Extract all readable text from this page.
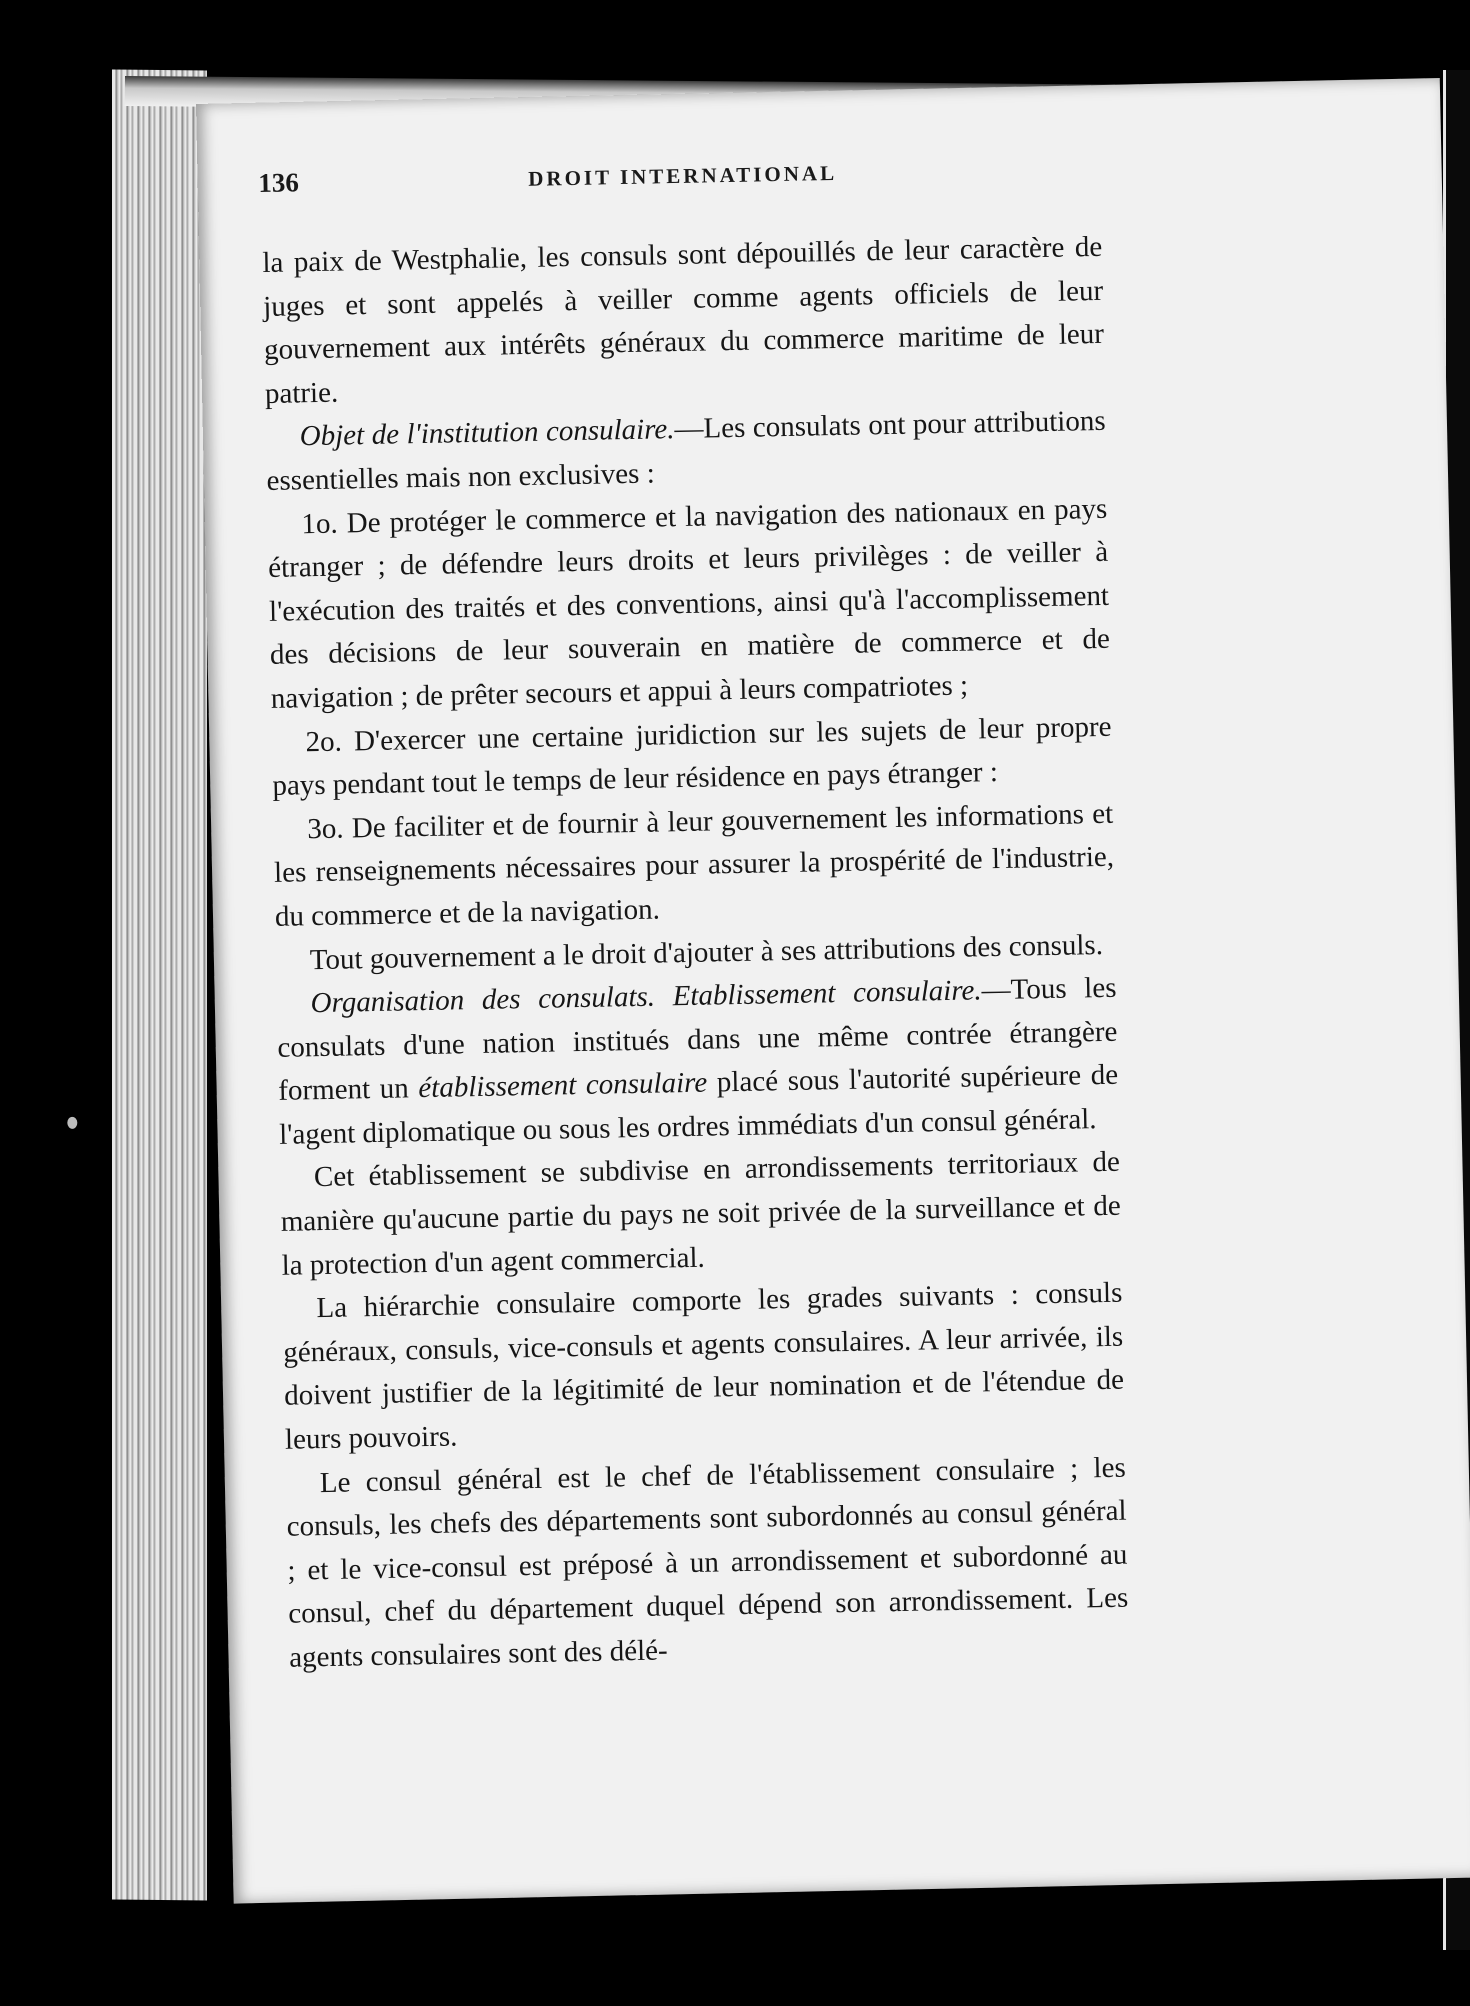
136	DROIT INTERNATIONAL

la paix de Westphalie, les consuls sont dépouillés de leur caractère de juges et sont appelés à veiller comme agents officiels de leur gouvernement aux intérêts généraux du commerce maritime de leur patrie.

Objet de l'institution consulaire.—Les consulats ont pour attributions essentielles mais non exclusives :

1o. De protéger le commerce et la navigation des nationaux en pays étranger ; de défendre leurs droits et leurs privilèges : de veiller à l'exécution des traités et des conventions, ainsi qu'à l'accomplissement des décisions de leur souverain en matière de commerce et de navigation ; de prêter secours et appui à leurs compatriotes ;

2o. D'exercer une certaine juridiction sur les sujets de leur propre pays pendant tout le temps de leur résidence en pays étranger :

3o. De faciliter et de fournir à leur gouvernement les informations et les renseignements nécessaires pour assurer la prospérité de l'industrie, du commerce et de la navigation.

Tout gouvernement a le droit d'ajouter à ses attributions des consuls.

Organisation des consulats. Etablissement consulaire.—Tous les consulats d'une nation institués dans une même contrée étrangère forment un établissement consulaire placé sous l'autorité supérieure de l'agent diplomatique ou sous les ordres immédiats d'un consul général.

Cet établissement se subdivise en arrondissements territoriaux de manière qu'aucune partie du pays ne soit privée de la surveillance et de la protection d'un agent commercial.

La hiérarchie consulaire comporte les grades suivants : consuls généraux, consuls, vice-consuls et agents consulaires. A leur arrivée, ils doivent justifier de la légitimité de leur nomination et de l'étendue de leurs pouvoirs.

Le consul général est le chef de l'établissement consulaire ; les consuls, les chefs des départements sont subordonnés au consul général ; et le vice-consul est préposé à un arrondissement et subordonné au consul, chef du département duquel dépend son arrondissement. Les agents consulaires sont des délé-
